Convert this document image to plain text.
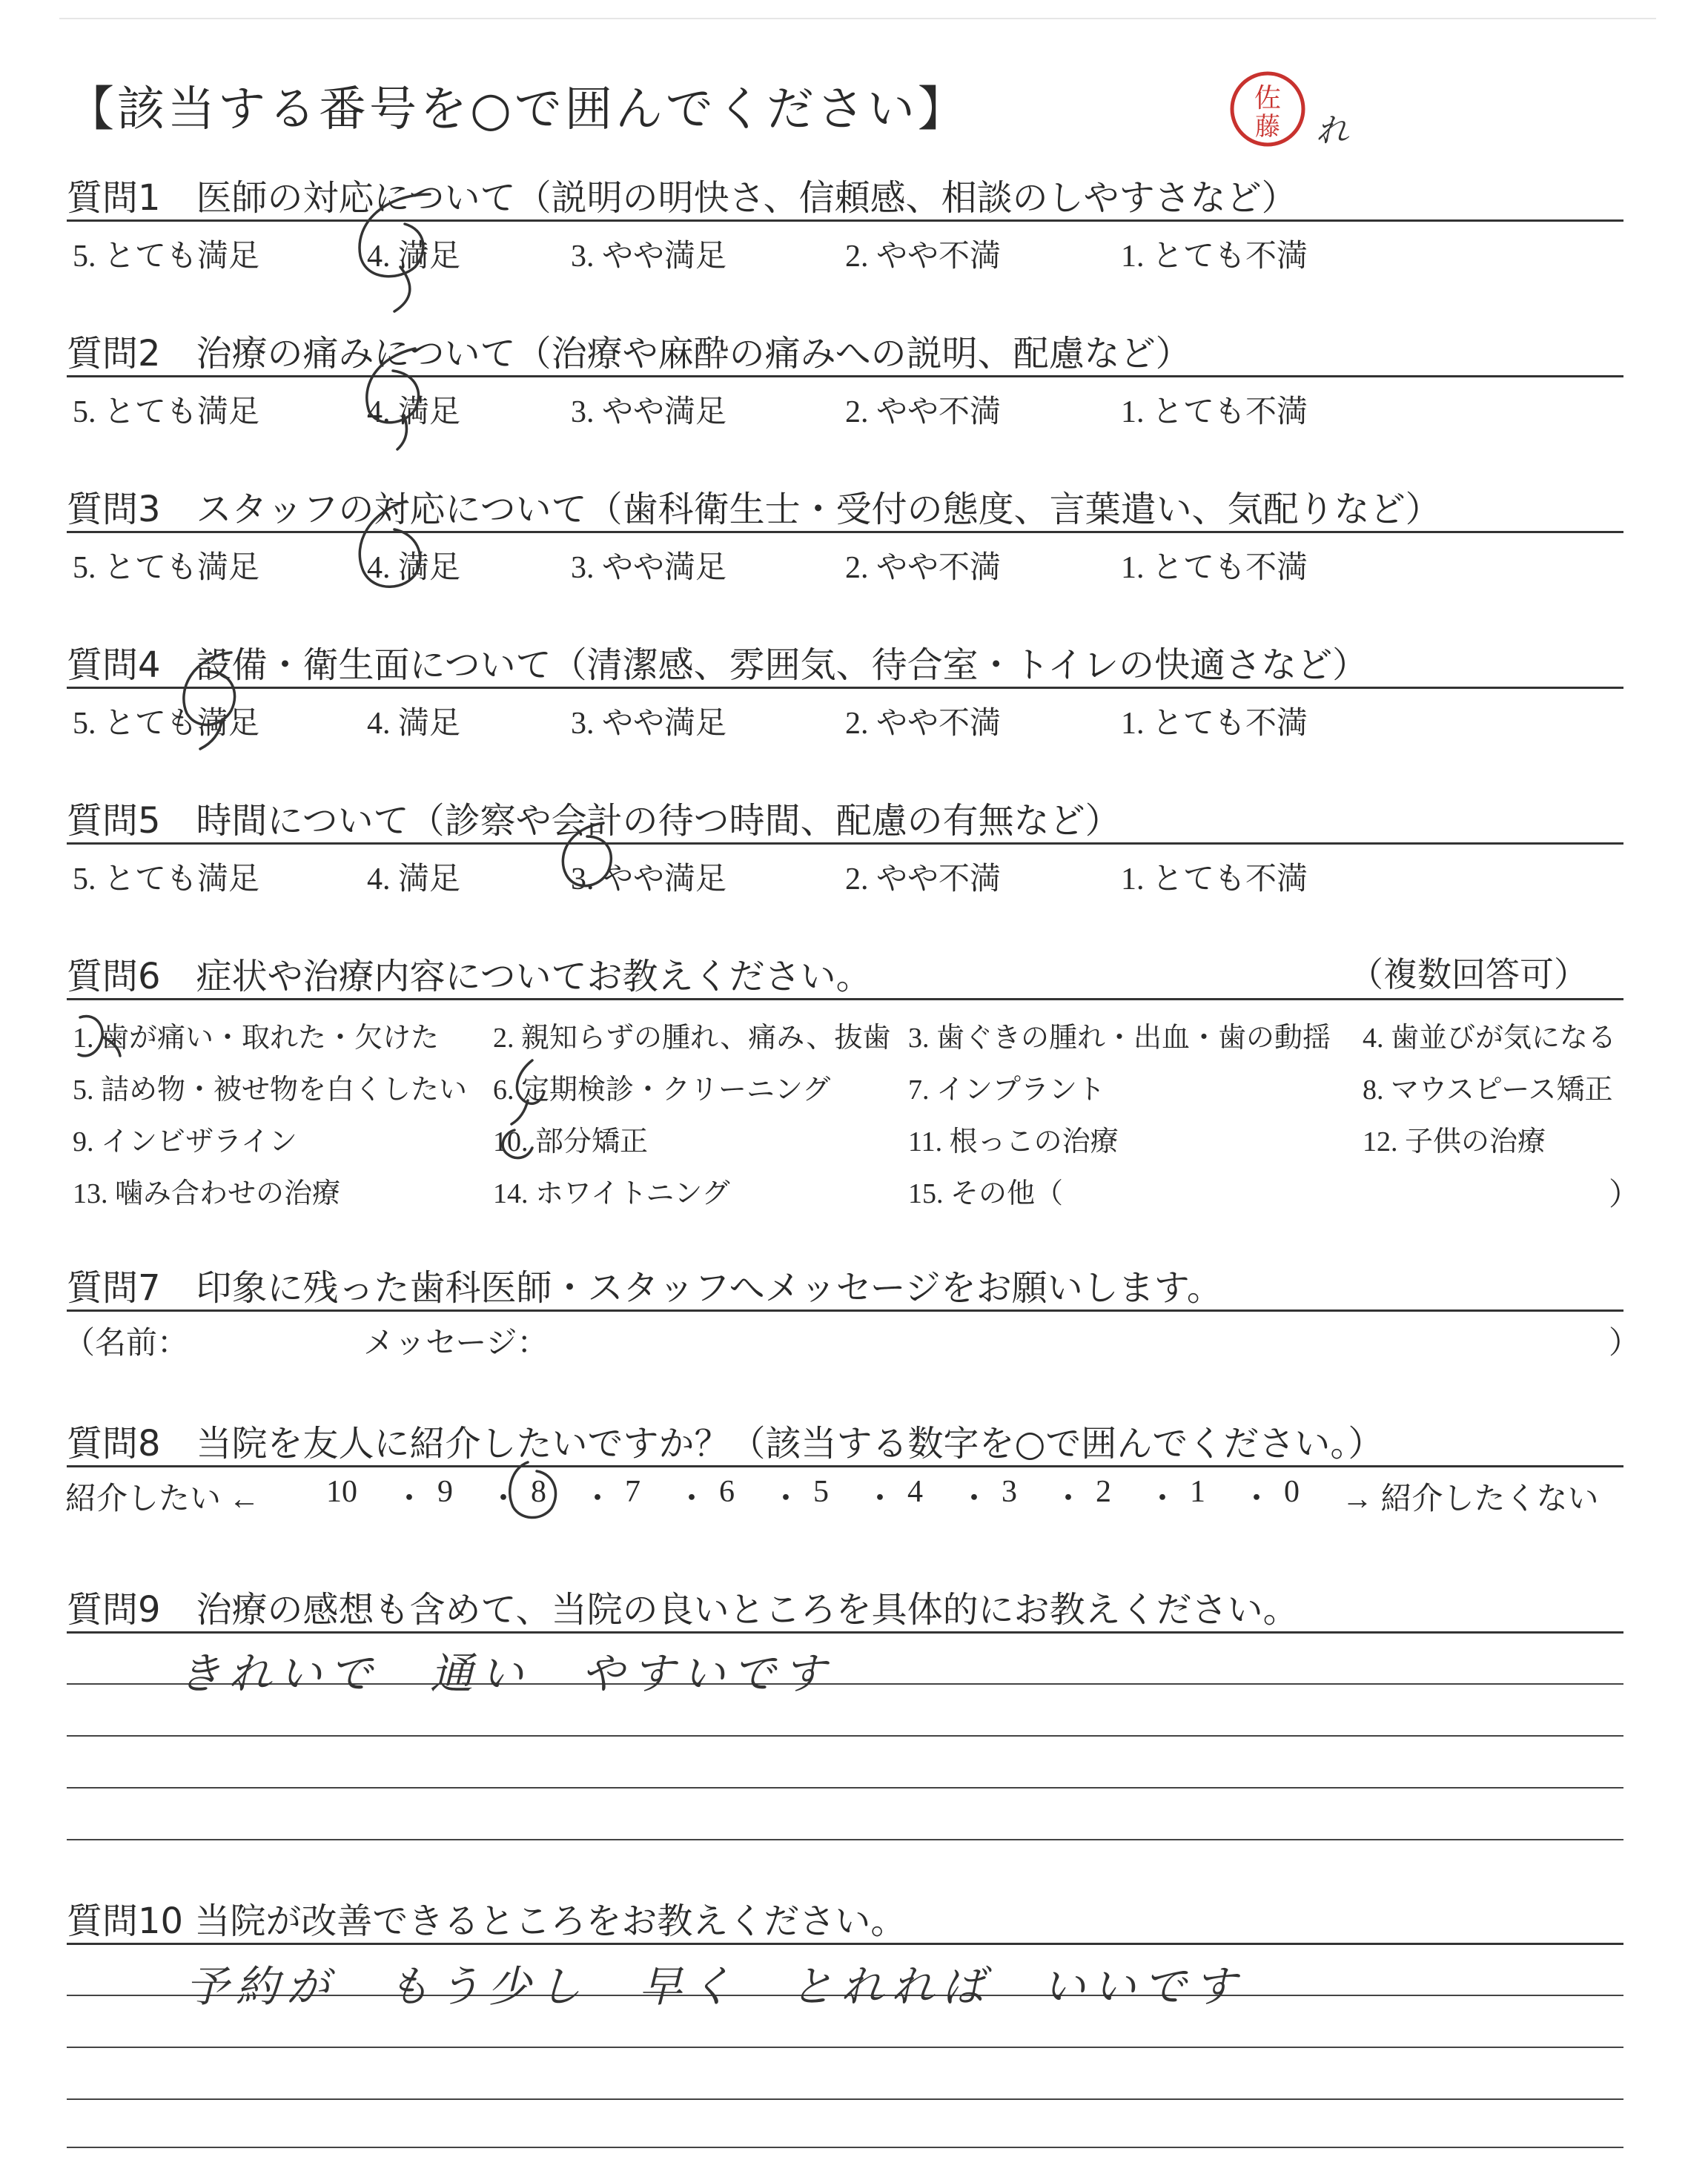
【該当する番号を○で囲んでください】	佐
藤 れ
質問1　医師の対応について（説明の明快さ、信頼感、相談のしやすさなど）
5. とても満足	4. 満足	3. やや満足	2. やや不満	1. とても不満
質問2　治療の痛みについて（治療や麻酔の痛みへの説明、配慮など）
5. とても満足	4. 満足	3. やや満足	2. やや不満	1. とても不満
質問3　スタッフの対応について（歯科衛生士・受付の態度、言葉遣い、気配りなど）
5. とても満足	4. 満足	3. やや満足	2. やや不満	1. とても不満
質問4　設備・衛生面について（清潔感、雰囲気、待合室・トイレの快適さなど）
5. とても満足	4. 満足	3. やや満足	2. やや不満	1. とても不満
質問5　時間について（診察や会計の待つ時間、配慮の有無など）
5. とても満足	4. 満足	3. やや満足	2. やや不満	1. とても不満
質問6　症状や治療内容についてお教えください。	（複数回答可）
1. 歯が痛い・取れた・欠けた 2. 親知らずの腫れ、痛み、抜歯 3. 歯ぐきの腫れ・出血・歯の動揺 4. 歯並びが気になる
5. 詰め物・被せ物を白くしたい 6. 定期検診・クリーニング	7. インプラント	8. マウスピース矯正
9. インビザライン	10. 部分矯正	11. 根っこの治療	12. 子供の治療
13. 噛み合わせの治療	14. ホワイトニング	15. その他（	）
質問7　印象に残った歯科医師・スタッフへメッセージをお願いします。
（名前：	メッセージ：	）
質問8　当院を友人に紹介したいですか？（該当する数字を○で囲んでください。）
紹介したい ← 10 ・ 9 ・ 8 ・ 7 ・ 6 ・ 5 ・ 4 ・ 3 ・ 2 ・ 1 ・ 0 → 紹介したくない
質問9　治療の感想も含めて、当院の良いところを具体的にお教えください。
きれいで　通い　やすいです
質問10 当院が改善できるところをお教えください。
予約が　もう少し　早く　とれれば　いいです
